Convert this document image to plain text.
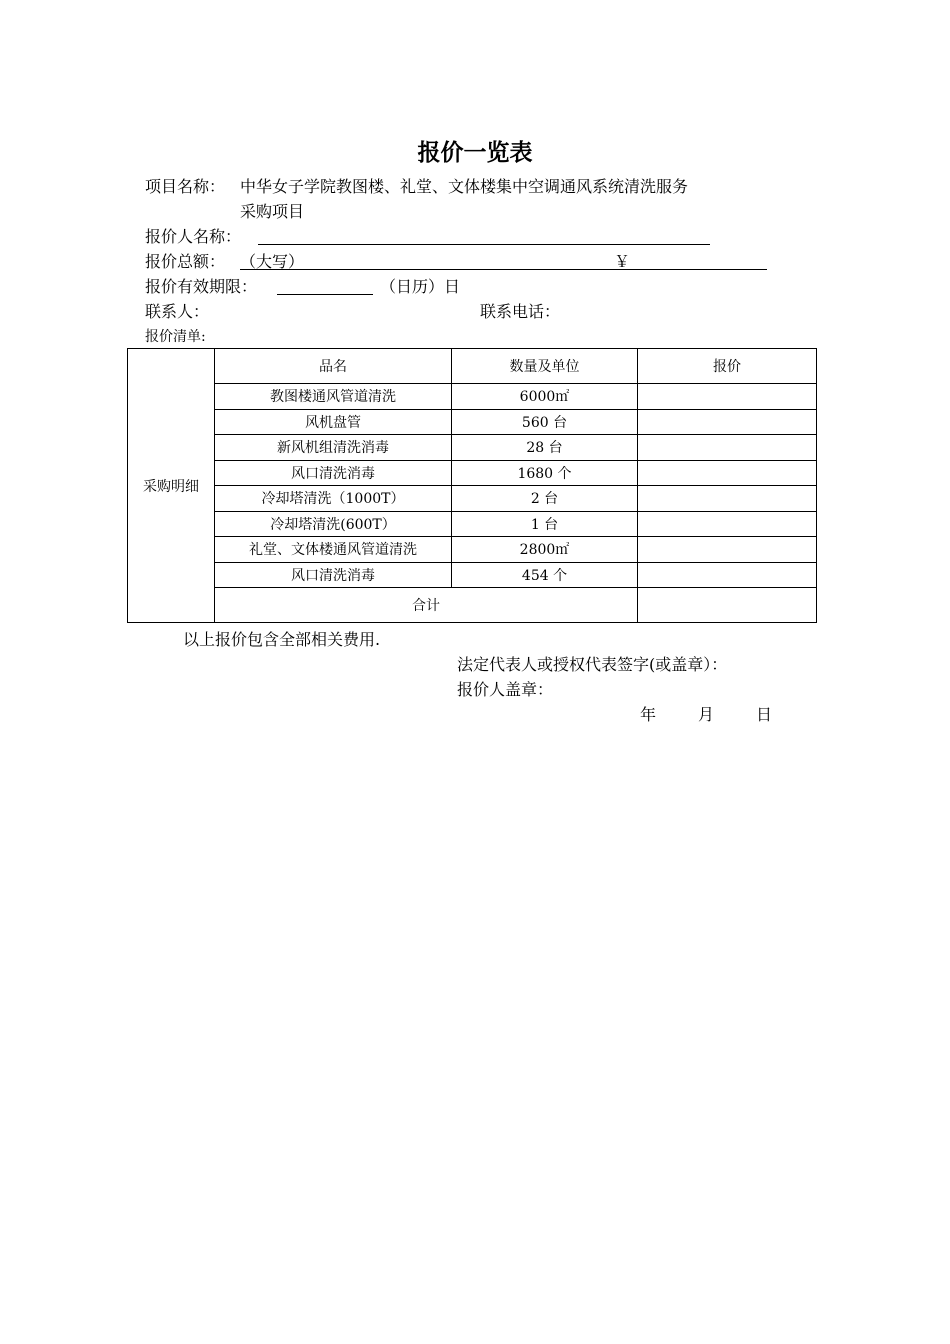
报价一览表
项目名称： 中华女子学院教图楼、礼堂、文体楼集中空调通风系统清洗服务
采购项目
报价人名称：
报价总额： （大写）	￥
报价有效期限：	（日历）日
联系人：	联系电话：
报价清单:
采购明细	品名	数量及单位	报价
	教图楼通风管道清洗	6000㎡	
	风机盘管	560 台	
	新风机组清洗消毒	28 台	
	风口清洗消毒	1680 个	
	冷却塔清洗（1000T）	2 台	
	冷却塔清洗(600T）	1 台	
	礼堂、文体楼通风管道清洗	2800㎡	
	风口清洗消毒	454 个	
	合计		
以上报价包含全部相关费用.
法定代表人或授权代表签字(或盖章）：
报价人盖章：
年	月	日
